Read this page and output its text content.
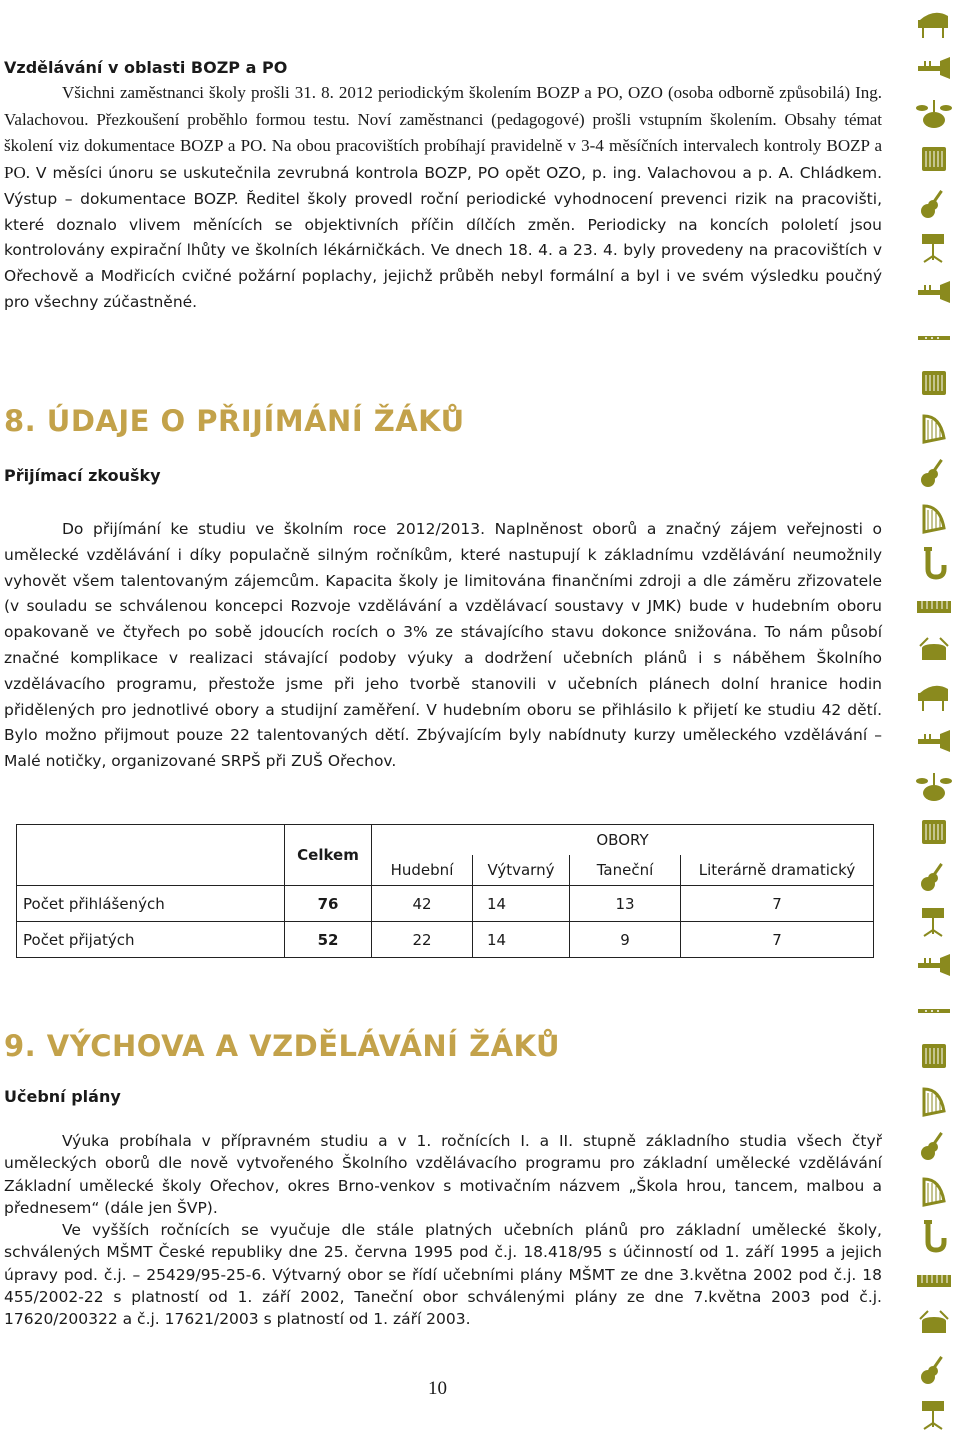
Vzdělávání v oblasti BOZP a PO

Všichni zaměstnanci školy prošli 31. 8. 2012 periodickým školením BOZP a PO, OZO (osoba odborně způsobilá) Ing. Valachovou. Přezkoušení proběhlo formou testu. Noví zaměstnanci (pedagogové) prošli vstupním školením. Obsahy témat školení viz dokumentace BOZP a PO. Na obou pracovištích probíhají pravidelně v 3-4 měsíčních intervalech kontroly BOZP a PO. V měsíci únoru se uskutečnila zevrubná kontrola BOZP, PO opět OZO, p. ing. Valachovou a p. A. Chládkem. Výstup – dokumentace BOZP. Ředitel školy provedl roční periodické vyhodnocení prevenci rizik na pracovišti, které doznalo vlivem měnících se objektivních příčin dílčích změn. Periodicky na koncích pololetí jsou kontrolovány expirační lhůty ve školních lékárničkách. Ve dnech 18. 4. a 23. 4. byly provedeny na pracovištích v Ořechově a Modřicích cvičné požární poplachy, jejichž průběh nebyl formální a byl i ve svém výsledku poučný pro všechny zúčastněné.

8. ÚDAJE O PŘIJÍMÁNÍ ŽÁKŮ
Přijímací zkoušky

Do přijímání ke studiu ve školním roce 2012/2013. Naplněnost oborů a značný zájem veřejnosti o umělecké vzdělávání i díky populačně silným ročníkům, které nastupují k základnímu vzdělávání neumožnily vyhovět všem talentovaným zájemcům. Kapacita školy je limitována finančními zdroji a dle záměru zřizovatele (v souladu se schválenou koncepci Rozvoje vzdělávání a vzdělávací soustavy v JMK) bude v hudebním oboru opakovaně ve čtyřech po sobě jdoucích rocích o 3% ze stávajícího stavu dokonce snižována. To nám působí značné komplikace v realizaci stávající podoby výuky a dodržení učebních plánů i s náběhem Školního vzdělávacího programu, přestože jsme při jeho tvorbě stanovili v učebních plánech dolní hranice hodin přidělených pro jednotlivé obory a studijní zaměření. V hudebním oboru se přihlásilo k přijetí ke studiu 42 dětí. Bylo možno přijmout pouze 22 talentovaných dětí. Zbývajícím byly nabídnuty kurzy uměleckého vzdělávání – Malé notičky, organizované SRPŠ při ZUŠ Ořechov.

	Celkem	OBORY			
		Hudební	Výtvarný	Taneční	Literárně dramatický
Počet přihlášených	76	42	14	13	7
Počet přijatých	52	22	14	9	7
9. VÝCHOVA A VZDĚLÁVÁNÍ ŽÁKŮ
Učební plány
Výuka probíhala v přípravném studiu a v 1. ročnících I. a II. stupně základního studia všech čtyř uměleckých oborů dle nově vytvořeného Školního vzdělávacího programu pro základní umělecké vzdělávání Základní umělecké školy Ořechov, okres Brno-venkov s motivačním názvem „Škola hrou, tancem, malbou a přednesem“ (dále jen ŠVP).
Ve vyšších ročnících se vyučuje dle stále platných učebních plánů pro základní umělecké školy, schválených MŠMT České republiky dne 25. června 1995 pod č.j. 18.418/95 s účinností od 1. září 1995 a jejich úpravy pod. č.j. – 25429/95-25-6. Výtvarný obor se řídí učebními plány MŠMT ze dne 3.května 2002 pod č.j. 18 455/2002-22 s platností od 1. září 2002, Taneční obor schválenými plány ze dne 7.května 2003 pod č.j. 17620/200322 a č.j. 17621/2003 s platností od 1. září 2003.
10
